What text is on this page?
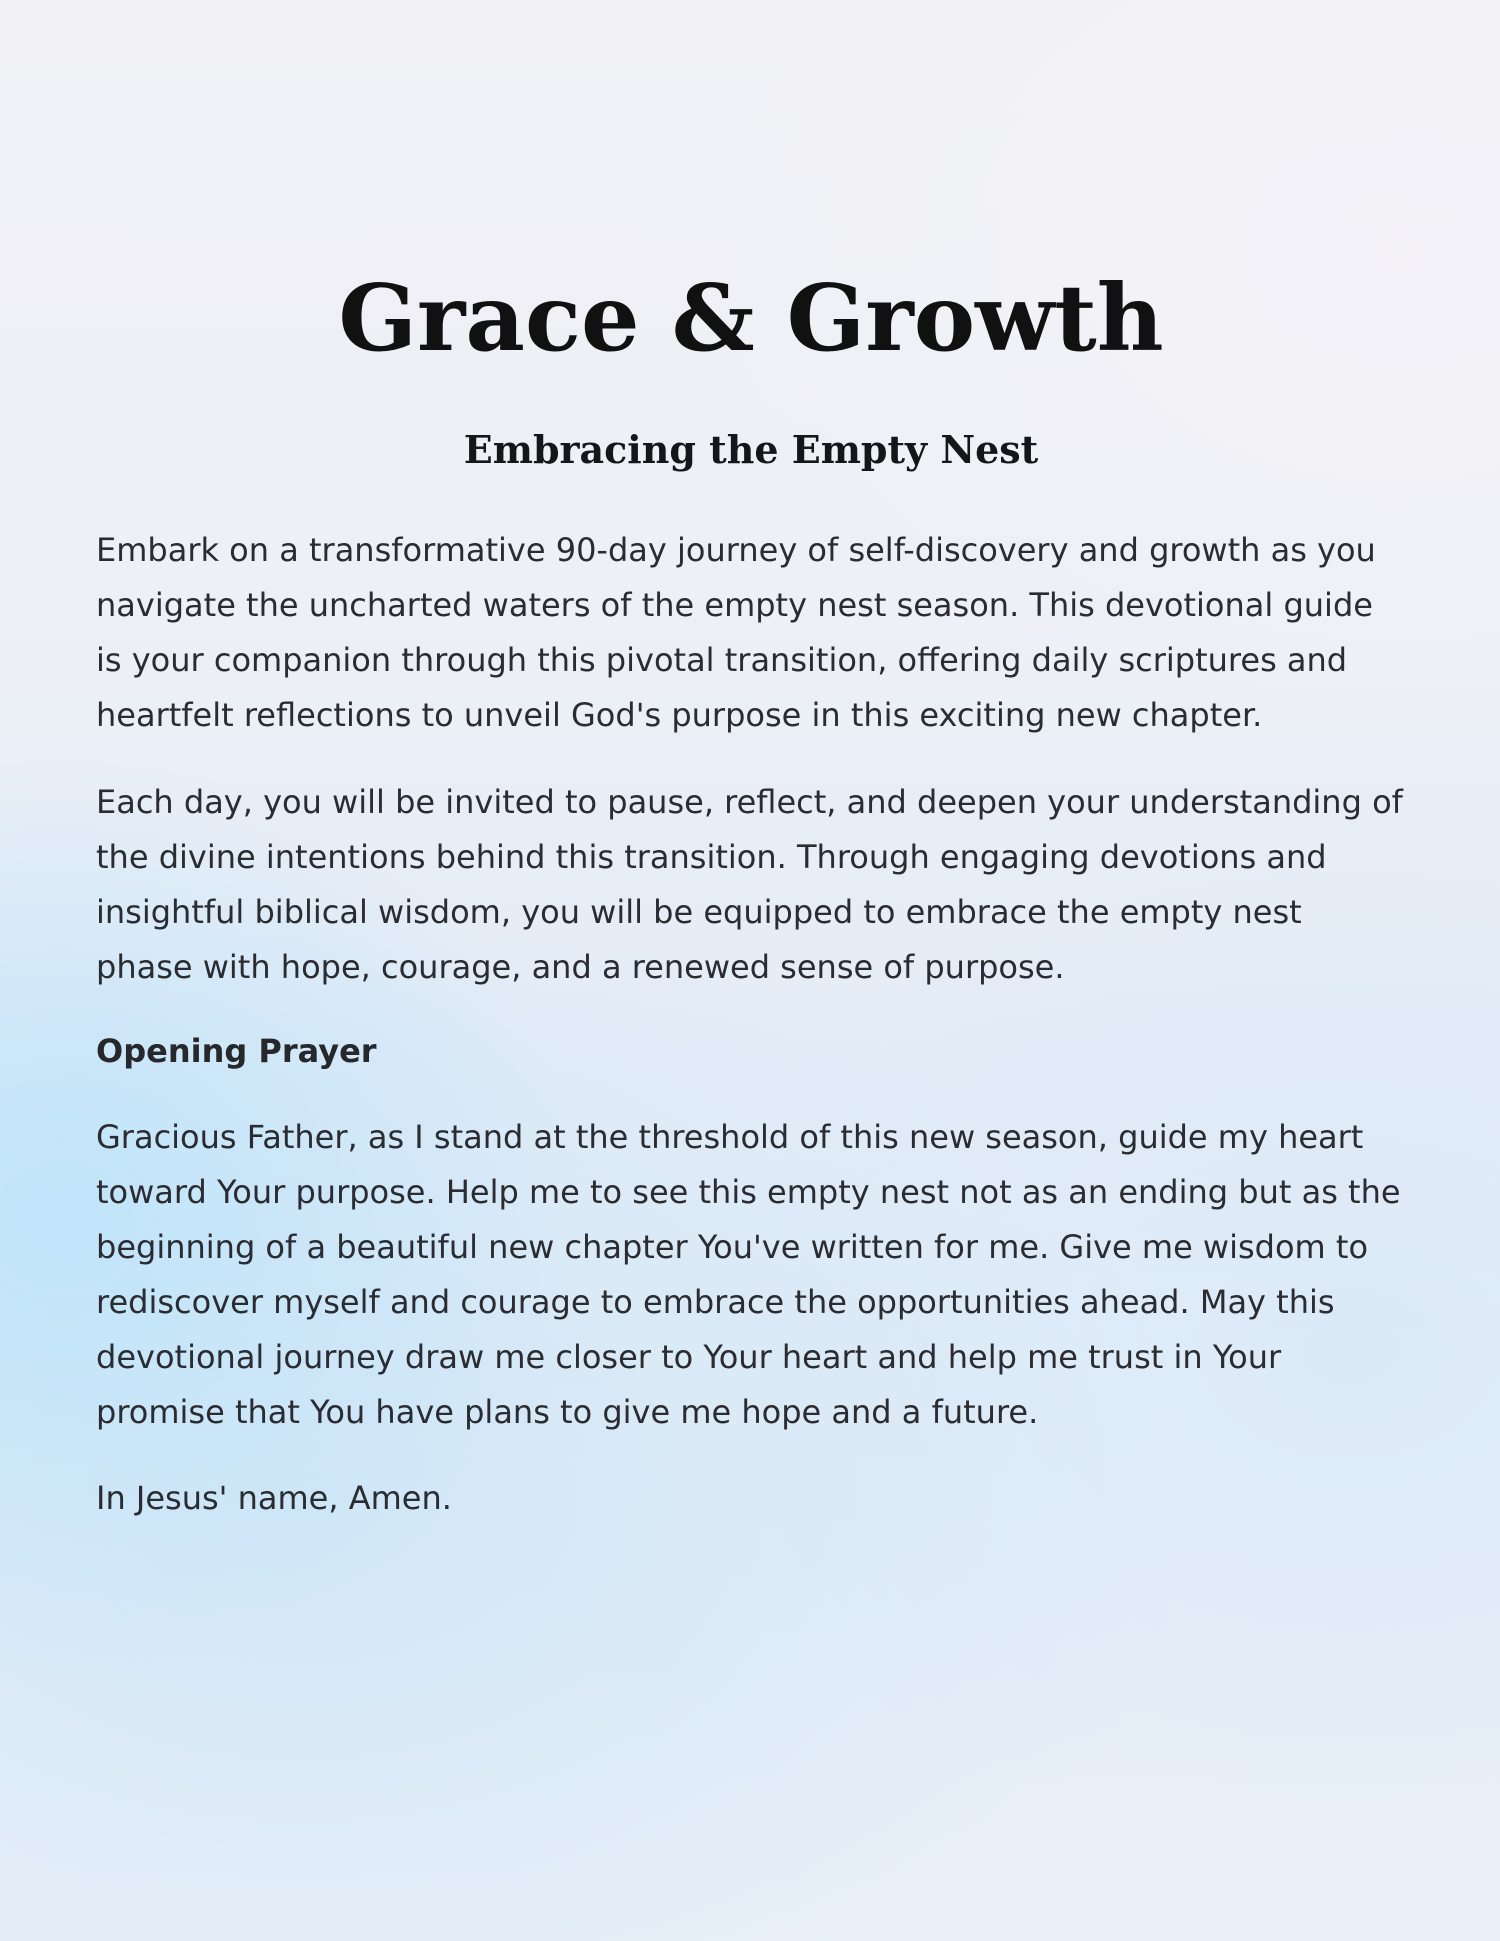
Grace & Growth
Embracing the Empty Nest

Embark on a transformative 90-day journey of self-discovery and growth as you navigate the uncharted waters of the empty nest season. This devotional guide is your companion through this pivotal transition, offering daily scriptures and heartfelt reflections to unveil God's purpose in this exciting new chapter.

Each day, you will be invited to pause, reflect, and deepen your understanding of the divine intentions behind this transition. Through engaging devotions and insightful biblical wisdom, you will be equipped to embrace the empty nest phase with hope, courage, and a renewed sense of purpose.

Opening Prayer

Gracious Father, as I stand at the threshold of this new season, guide my heart toward Your purpose. Help me to see this empty nest not as an ending but as the beginning of a beautiful new chapter You've written for me. Give me wisdom to rediscover myself and courage to embrace the opportunities ahead. May this devotional journey draw me closer to Your heart and help me trust in Your promise that You have plans to give me hope and a future.

In Jesus' name, Amen.
